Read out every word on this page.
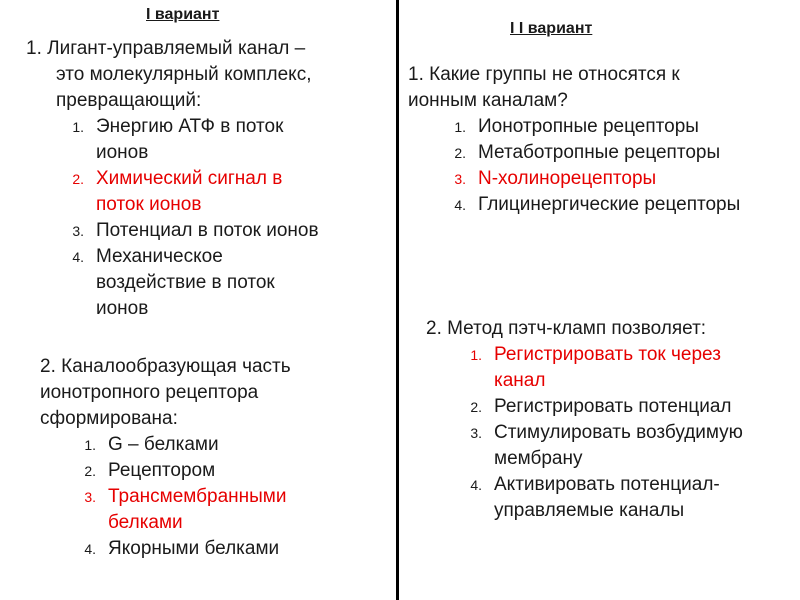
I вариант

1. Лигант-управляемый канал –

это молекулярный комплекс,

превращающий:

1. Энергию АТФ в поток
ионов
2. Химический сигнал в
поток ионов
3. Потенциал в поток ионов
4. Механическое
воздействие в поток
ионов

2. Каналообразующая часть

ионотропного рецептора

сформирована:

1. G – белками
2. Рецептором
3. Трансмембранными
белками
4. Якорными белками
I I вариант

1. Какие группы не относятся к

ионным каналам?

1. Ионотропные рецепторы
2. Метаботропные рецепторы
3. N-холинорецепторы
4. Глицинергические рецепторы

2. Метод пэтч-кламп позволяет:

1. Регистрировать ток через
канал
2. Регистрировать потенциал
3. Стимулировать возбудимую
мембрану
4. Активировать потенциал-
управляемые каналы
